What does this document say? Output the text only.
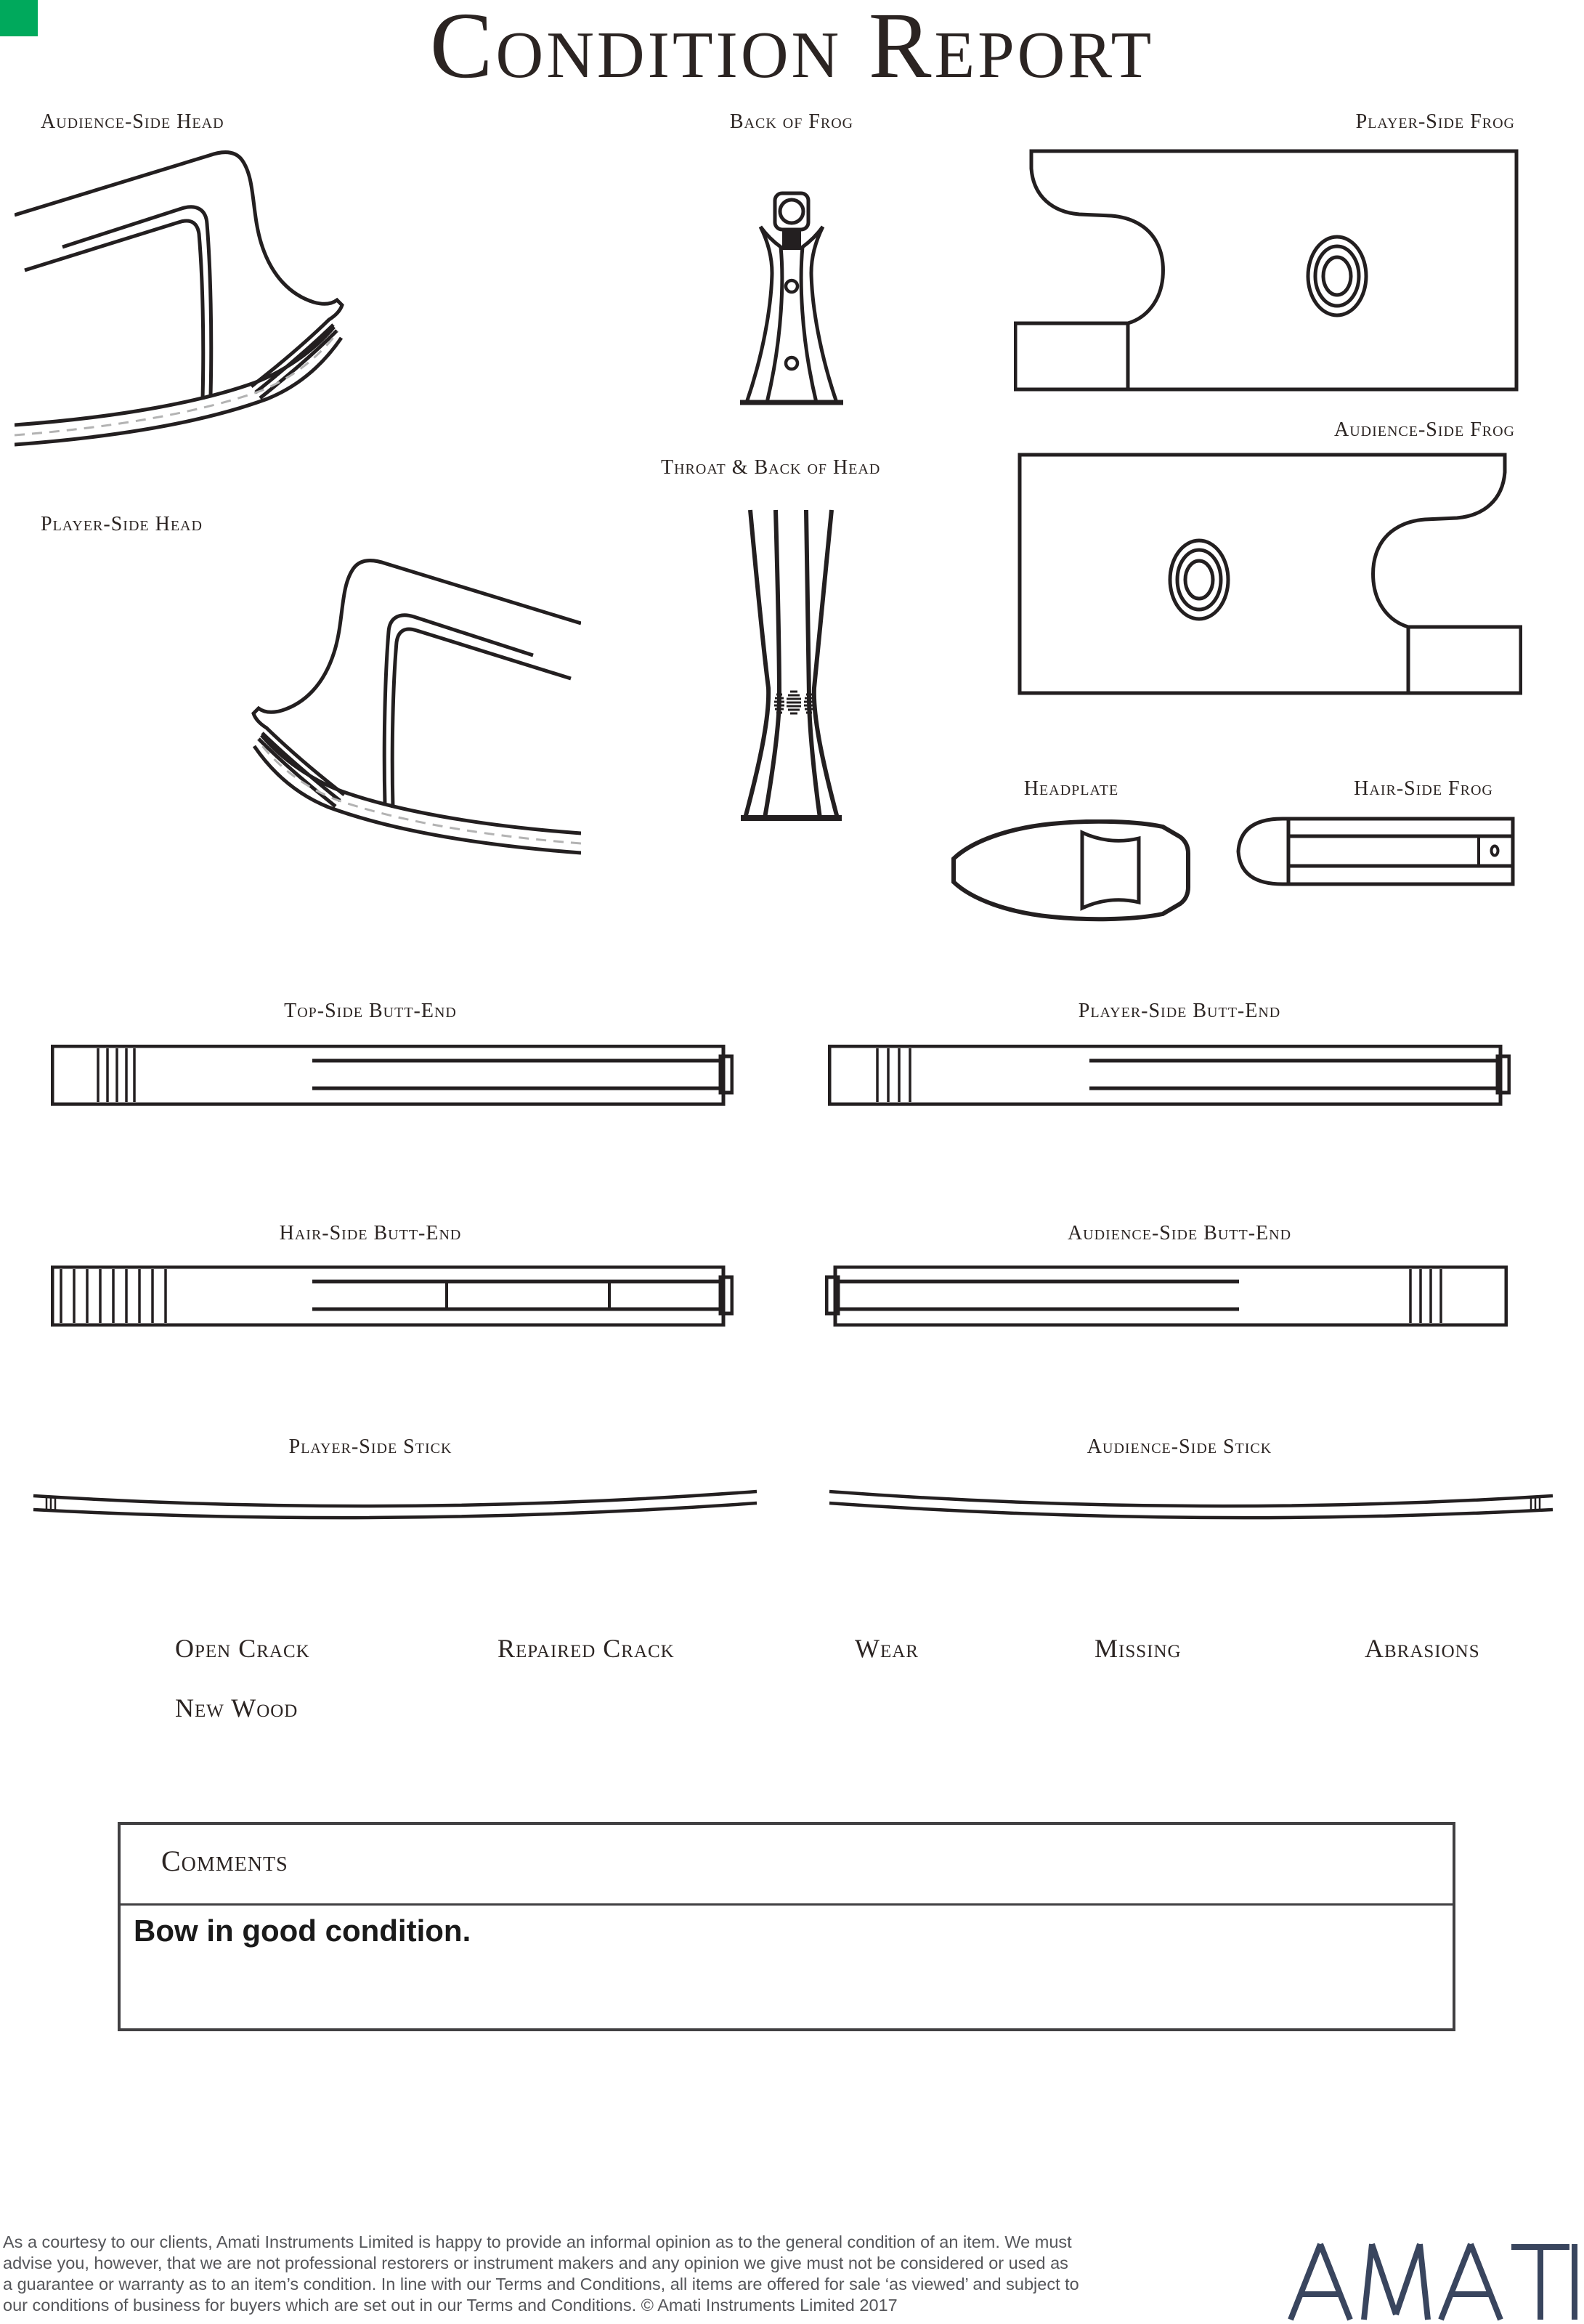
Condition Report
Audience-Side Head	Back of Frog	Player-Side Frog
Audience-Side Frog
Player-Side Head
Throat & Back of Head
Headplate	Hair-Side Frog
Top-Side Butt-End	Player-Side Butt-End
Hair-Side Butt-End	Audience-Side Butt-End
Player-Side Stick	Audience-Side Stick
Open Crack	Repaired Crack	Wear	Missing	Abrasions
New Wood
Comments
Bow in good condition.
As a courtesy to our clients, Amati Instruments Limited is happy to provide an informal opinion as to the general condition of an item. We must
advise you, however, that we are not professional restorers or instrument makers and any opinion we give must not be considered or used as
a guarantee or warranty as to an item’s condition. In line with our Terms and Conditions, all items are offered for sale ‘as viewed’ and subject to
our conditions of business for buyers which are set out in our Terms and Conditions. © Amati Instruments Limited 2017
